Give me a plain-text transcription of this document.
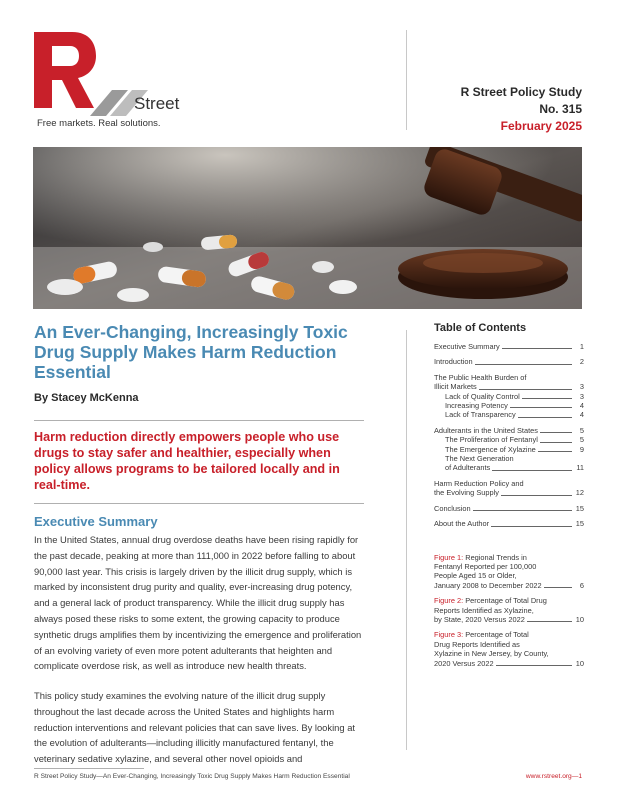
Street
Free markets. Real solutions.
R Street Policy Study
No. 315
February 2025
An Ever-Changing, Increasingly Toxic Drug Supply Makes Harm Reduction Essential
By Stacey McKenna
Harm reduction directly empowers people who use drugs to stay safer and healthier, especially when policy allows programs to be tailored locally and in real-time.
Executive Summary

In the United States, annual drug overdose deaths have been rising rapidly for the past decade, peaking at more than 111,000 in 2022 before falling to about 90,000 last year. This crisis is largely driven by the illicit drug supply, which is marked by inconsistent drug purity and quality, ever-increasing drug potency, and a general lack of product transparency. While the illicit drug supply has always posed these risks to some extent, the growing capacity to produce synthetic drugs amplifies them by incentivizing the emergence and proliferation of an evolving variety of even more potent adulterants that heighten and complicate overdose risk, as well as introduce new health threats.

This policy study examines the evolving nature of the illicit drug supply throughout the last decade across the United States and highlights harm reduction interventions and relevant policies that can save lives. By looking at the evolution of adulterants—including illicitly manufactured fentanyl, the veterinary sedative xylazine, and several other novel opioids and

Table of Contents
Executive Summary	1
Introduction	2
The Public Health Burden of
Illicit Markets	3
Lack of Quality Control	3
Increasing Potency	4
Lack of Transparency	4
Adulterants in the United States	5
The Proliferation of Fentanyl	5
The Emergence of Xylazine	9
The Next Generation
of Adulterants	11
Harm Reduction Policy and
the Evolving Supply	12
Conclusion	15
About the Author	15
Figure 1: Regional Trends in
Fentanyl Reported per 100,000
People Aged 15 or Older,
January 2008 to December 2022	6
Figure 2: Percentage of Total Drug
Reports Identified as Xylazine,
by State, 2020 Versus 2022	10
Figure 3: Percentage of Total
Drug Reports Identified as
Xylazine in New Jersey, by County,
2020 Versus 2022	10
R Street Policy Study—An Ever-Changing, Increasingly Toxic Drug Supply Makes Harm Reduction Essential	www.rstreet.org—1
